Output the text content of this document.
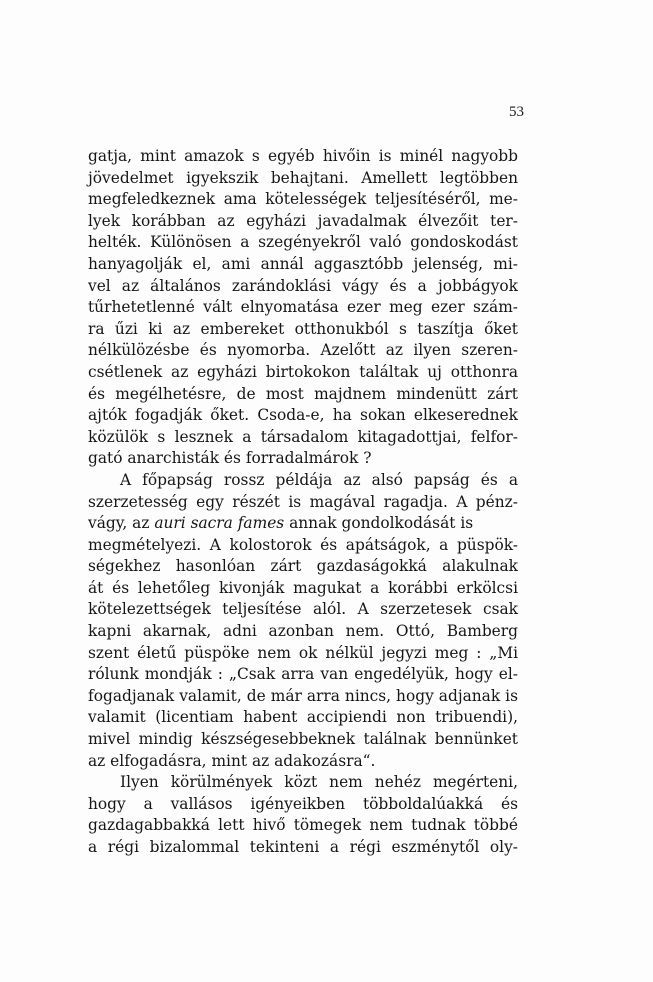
53
gatja, mint amazok s egyéb hivőin is minél nagyobb
jövedelmet igyekszik behajtani. Amellett legtöbben
megfeledkeznek ama kötelességek teljesítéséről, me-
lyek korábban az egyházi javadalmak élvezőit ter-
helték. Különösen a szegényekről való gondoskodást
hanyagolják el, ami annál aggasztóbb jelenség, mi-
vel az általános zarándoklási vágy és a jobbágyok
tűrhetetlenné vált elnyomatása ezer meg ezer szám-
ra űzi ki az embereket otthonukból s taszítja őket
nélkülözésbe és nyomorba. Azelőtt az ilyen szeren-
csétlenek az egyházi birtokokon találtak uj otthonra
és megélhetésre, de most majdnem mindenütt zárt
ajtók fogadják őket. Csoda-e, ha sokan elkeserednek
közülök s lesznek a társadalom kitagadottjai, felfor-
gató anarchisták és forradalmárok ?
A főpapság rossz példája az alsó papság és a
szerzetesség egy részét is magával ragadja. A pénz-
vágy, az auri sacra fames annak gondolkodását is
megmételyezi. A kolostorok és apátságok, a püspök-
ségekhez hasonlóan zárt gazdaságokká alakulnak
át és lehetőleg kivonják magukat a korábbi erkölcsi
kötelezettségek teljesítése alól. A szerzetesek csak
kapni akarnak, adni azonban nem. Ottó, Bamberg
szent életű püspöke nem ok nélkül jegyzi meg : „Mi
rólunk mondják : „Csak arra van engedélyük, hogy el-
fogadjanak valamit, de már arra nincs, hogy adjanak is
valamit (licentiam habent accipiendi non tribuendi),
mivel mindig készségesebbeknek találnak bennünket
az elfogadásra, mint az adakozásra“.
Ilyen körülmények közt nem nehéz megérteni,
hogy a vallásos igényeikben többoldalúakká és
gazdagabbakká lett hivő tömegek nem tudnak többé
a régi bizalommal tekinteni a régi eszménytől oly-
